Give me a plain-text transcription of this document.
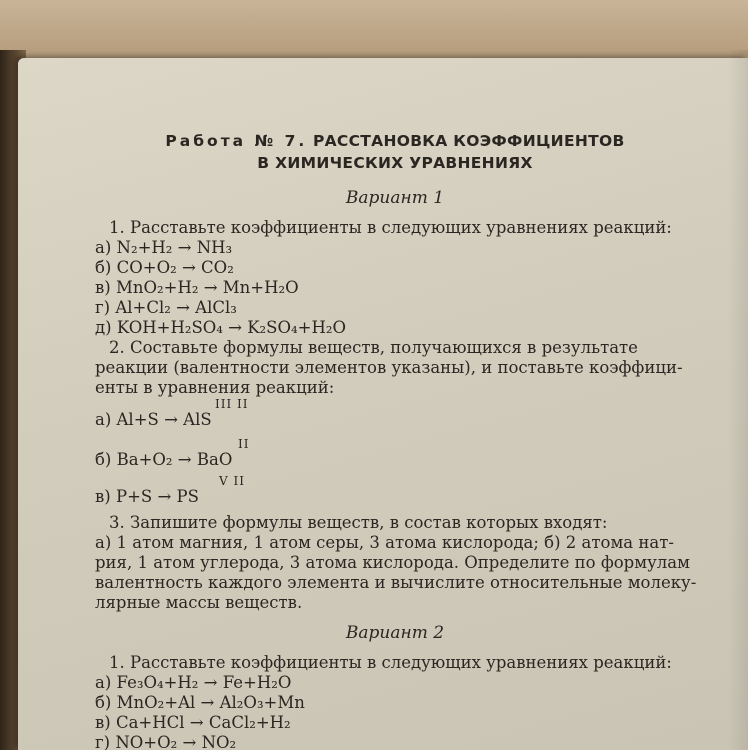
Работа № 7. РАССТАНОВКА КОЭФФИЦИЕНТОВ
В ХИМИЧЕСКИХ УРАВНЕНИЯХ
Вариант 1
1. Расставьте коэффициенты в следующих уравнениях реакций:
а) N₂+H₂ → NH₃
б) CO+O₂ → CO₂
в) MnO₂+H₂ → Mn+H₂O
г) Al+Cl₂ → AlCl₃
д) KOH+H₂SO₄ → K₂SO₄+H₂O
2. Составьте формулы веществ, получающихся в результате
реакции (валентности элементов указаны), и поставьте коэффици-
енты в уравнения реакций:
III II
а) Al+S → AlS
II
б) Ba+O₂ → BaO
V II
в) P+S → PS
3. Запишите формулы веществ, в состав которых входят:
а) 1 атом магния, 1 атом серы, 3 атома кислорода; б) 2 атома нат-
рия, 1 атом углерода, 3 атома кислорода. Определите по формулам
валентность каждого элемента и вычислите относительные молеку-
лярные массы веществ.
Вариант 2
1. Расставьте коэффициенты в следующих уравнениях реакций:
а) Fe₃O₄+H₂ → Fe+H₂O
б) MnO₂+Al → Al₂O₃+Mn
в) Ca+HCl → CaCl₂+H₂
г) NO+O₂ → NO₂
